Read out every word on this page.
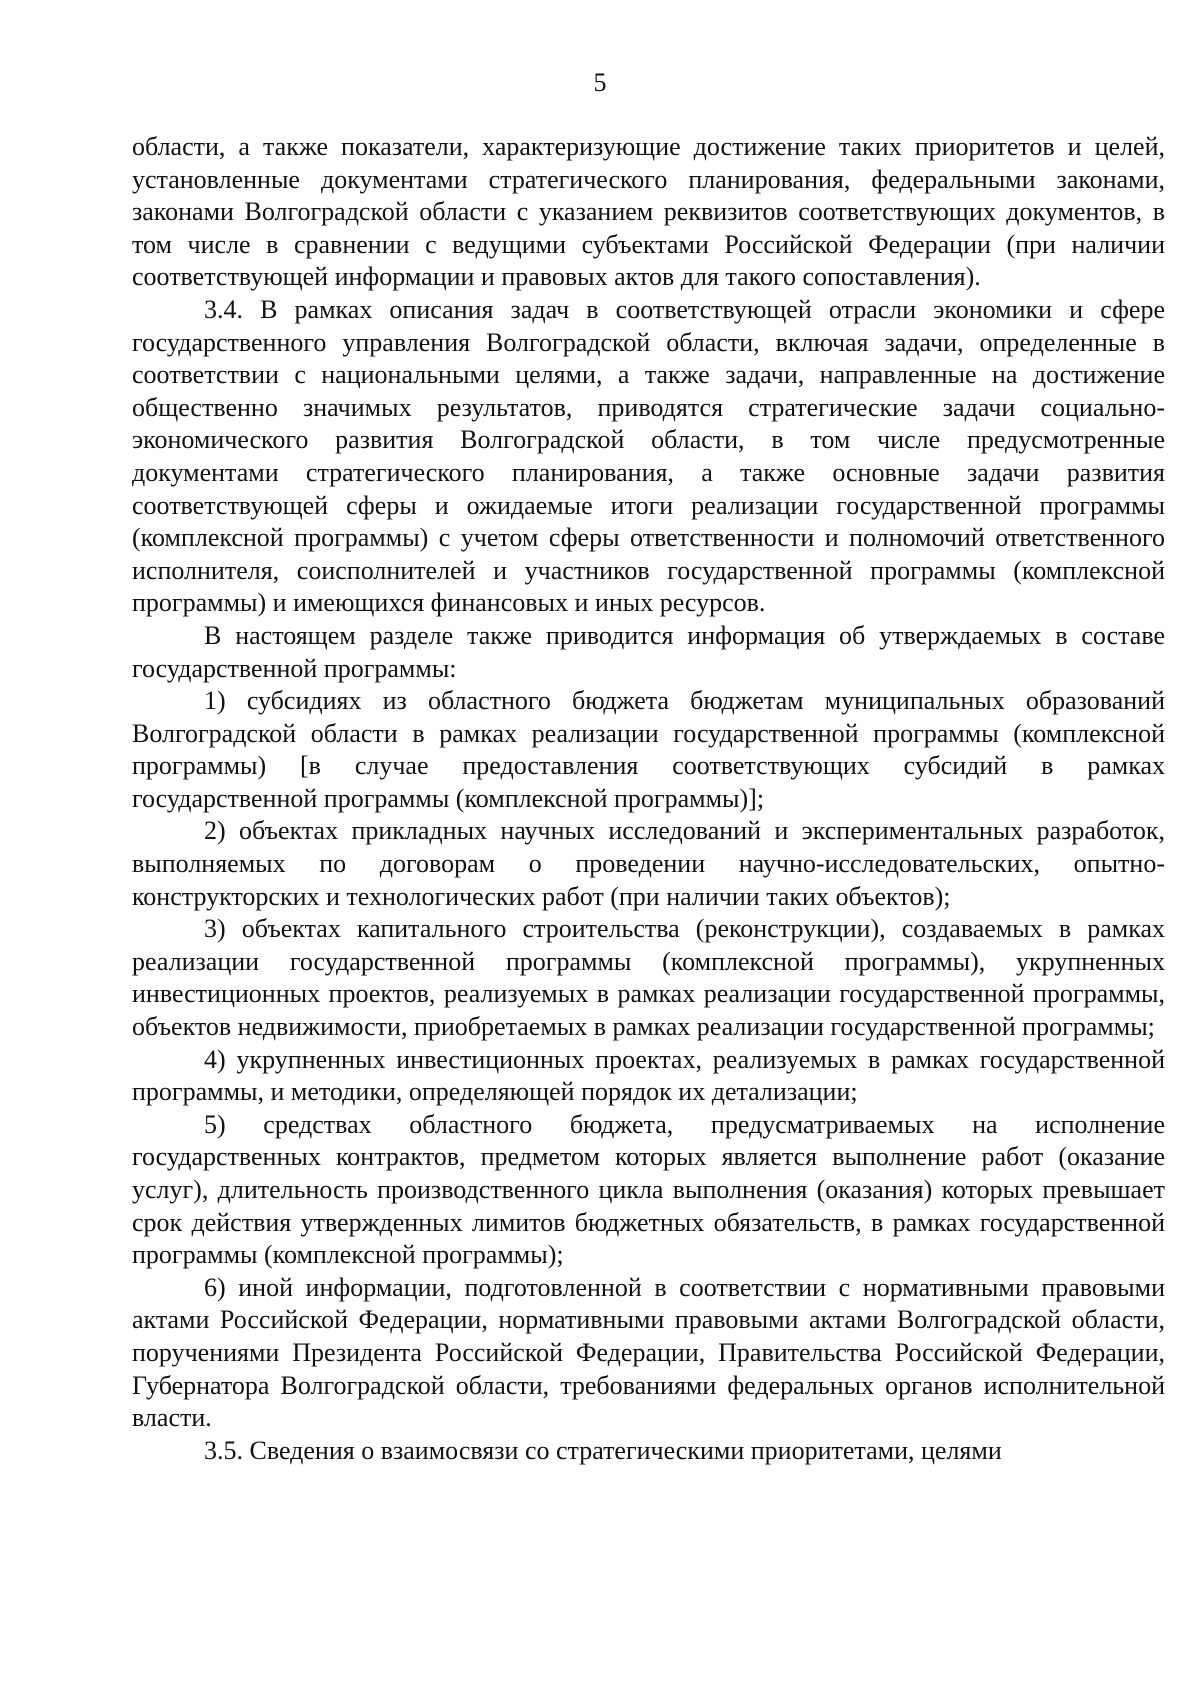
5

области, а также показатели, характеризующие достижение таких приоритетов и целей, установленные документами стратегического планирования, федеральными законами, законами Волгоградской области с указанием реквизитов соответствующих документов, в том числе в сравнении с ведущими субъектами Российской Федерации (при наличии соответствующей информации и правовых актов для такого сопоставления).

3.4. В рамках описания задач в соответствующей отрасли экономики и сфере государственного управления Волгоградской области, включая задачи, определенные в соответствии с национальными целями, а также задачи, направленные на достижение общественно значимых результатов, приводятся стратегические задачи социально-экономического развития Волгоградской области, в том числе предусмотренные документами стратегического планирования, а также основные задачи развития соответствующей сферы и ожидаемые итоги реализации государственной программы (комплексной программы) с учетом сферы ответственности и полномочий ответственного исполнителя, соисполнителей и участников государственной программы (комплексной программы) и имеющихся финансовых и иных ресурсов.

В настоящем разделе также приводится информация об утверждаемых в составе государственной программы:

1) субсидиях из областного бюджета бюджетам муниципальных образований Волгоградской области в рамках реализации государственной программы (комплексной программы) [в случае предоставления соответствующих субсидий в рамках государственной программы (комплексной программы)];

2) объектах прикладных научных исследований и экспериментальных разработок, выполняемых по договорам о проведении научно-исследовательских, опытно-конструкторских и технологических работ (при наличии таких объектов);

3) объектах капитального строительства (реконструкции), создаваемых в рамках реализации государственной программы (комплексной программы), укрупненных инвестиционных проектов, реализуемых в рамках реализации государственной программы, объектов недвижимости, приобретаемых в рамках реализации государственной программы;

4) укрупненных инвестиционных проектах, реализуемых в рамках государственной программы, и методики, определяющей порядок их детализации;

5) средствах областного бюджета, предусматриваемых на исполнение государственных контрактов, предметом которых является выполнение работ (оказание услуг), длительность производственного цикла выполнения (оказания) которых превышает срок действия утвержденных лимитов бюджетных обязательств, в рамках государственной программы (комплексной программы);

6) иной информации, подготовленной в соответствии с нормативными правовыми актами Российской Федерации, нормативными правовыми актами Волгоградской области, поручениями Президента Российской Федерации, Правительства Российской Федерации, Губернатора Волгоградской области, требованиями федеральных органов исполнительной власти.

3.5. Сведения о взаимосвязи со стратегическими приоритетами, целями
